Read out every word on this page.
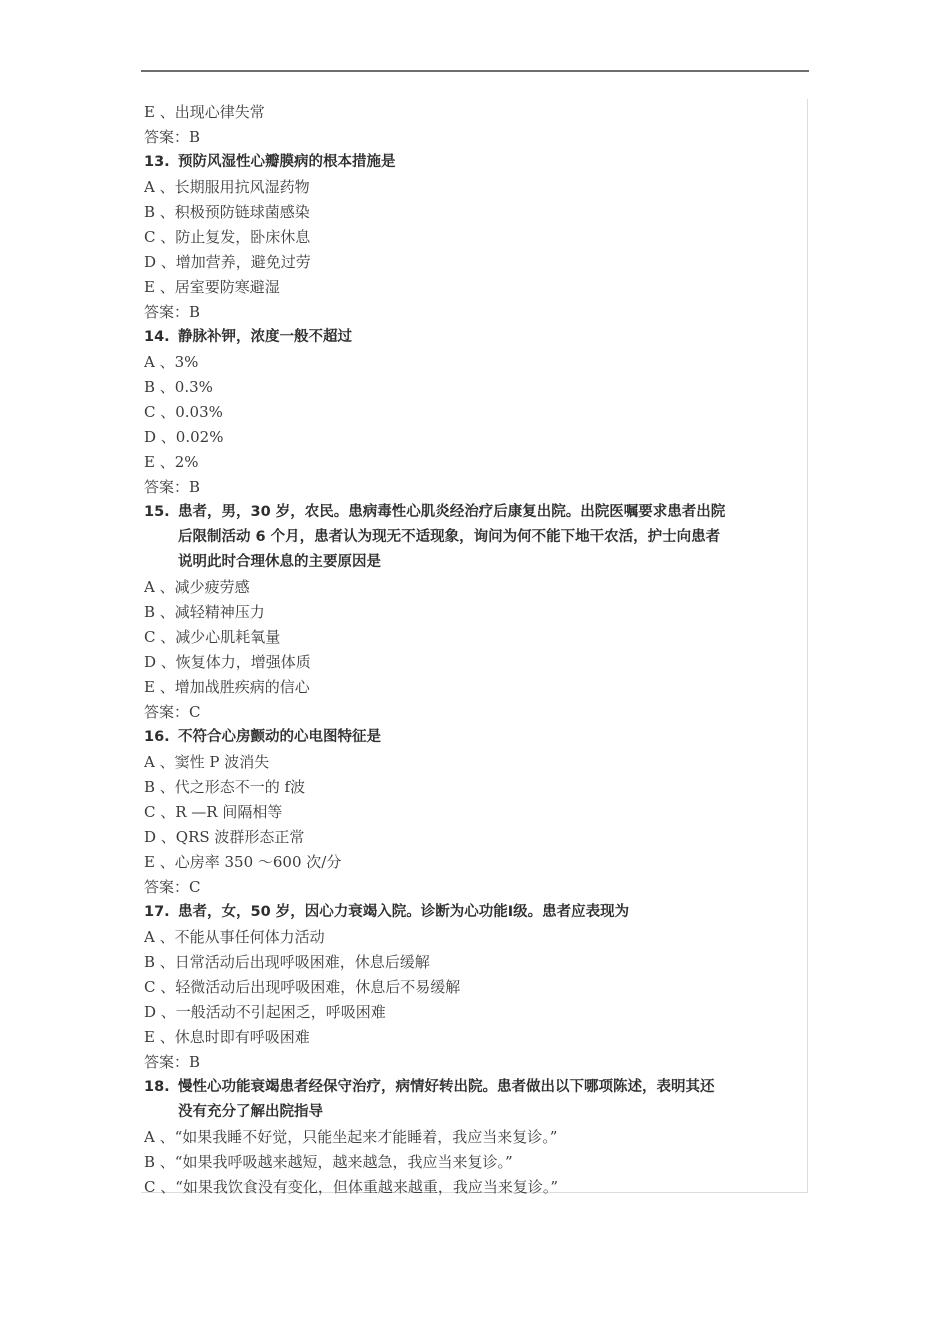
E 、出现心律失常
答案：B
13. 预防风湿性心瓣膜病的根本措施是
A 、长期服用抗风湿药物
B 、积极预防链球菌感染
C 、防止复发，卧床休息
D 、增加营养，避免过劳
E 、居室要防寒避湿
答案：B
14. 静脉补钾，浓度一般不超过
A 、3%
B 、0.3%
C 、0.03%
D 、0.02%
E 、2%
答案：B
15. 患者，男，30 岁，农民。患病毒性心肌炎经治疗后康复出院。出院医嘱要求患者出院
后限制活动 6 个月，患者认为现无不适现象，询问为何不能下地干农活，护士向患者
说明此时合理休息的主要原因是
A 、减少疲劳感
B 、减轻精神压力
C 、减少心肌耗氧量
D 、恢复体力，增强体质
E 、增加战胜疾病的信心
答案：C
16. 不符合心房颤动的心电图特征是
A 、窦性 P 波消失
B 、代之形态不一的 f波
C 、R —R 间隔相等
D 、QRS 波群形态正常
E 、心房率 350 ～600 次/分
答案：C
17. 患者，女，50 岁，因心力衰竭入院。诊断为心功能Ⅰ级。患者应表现为
A 、不能从事任何体力活动
B 、日常活动后出现呼吸困难，休息后缓解
C 、轻微活动后出现呼吸困难，休息后不易缓解
D 、一般活动不引起困乏，呼吸困难
E 、休息时即有呼吸困难
答案：B
18. 慢性心功能衰竭患者经保守治疗，病情好转出院。患者做出以下哪项陈述，表明其还
没有充分了解出院指导
A 、“如果我睡不好觉，只能坐起来才能睡着，我应当来复诊。”
B 、“如果我呼吸越来越短，越来越急，我应当来复诊。”
C 、“如果我饮食没有变化，但体重越来越重，我应当来复诊。”
